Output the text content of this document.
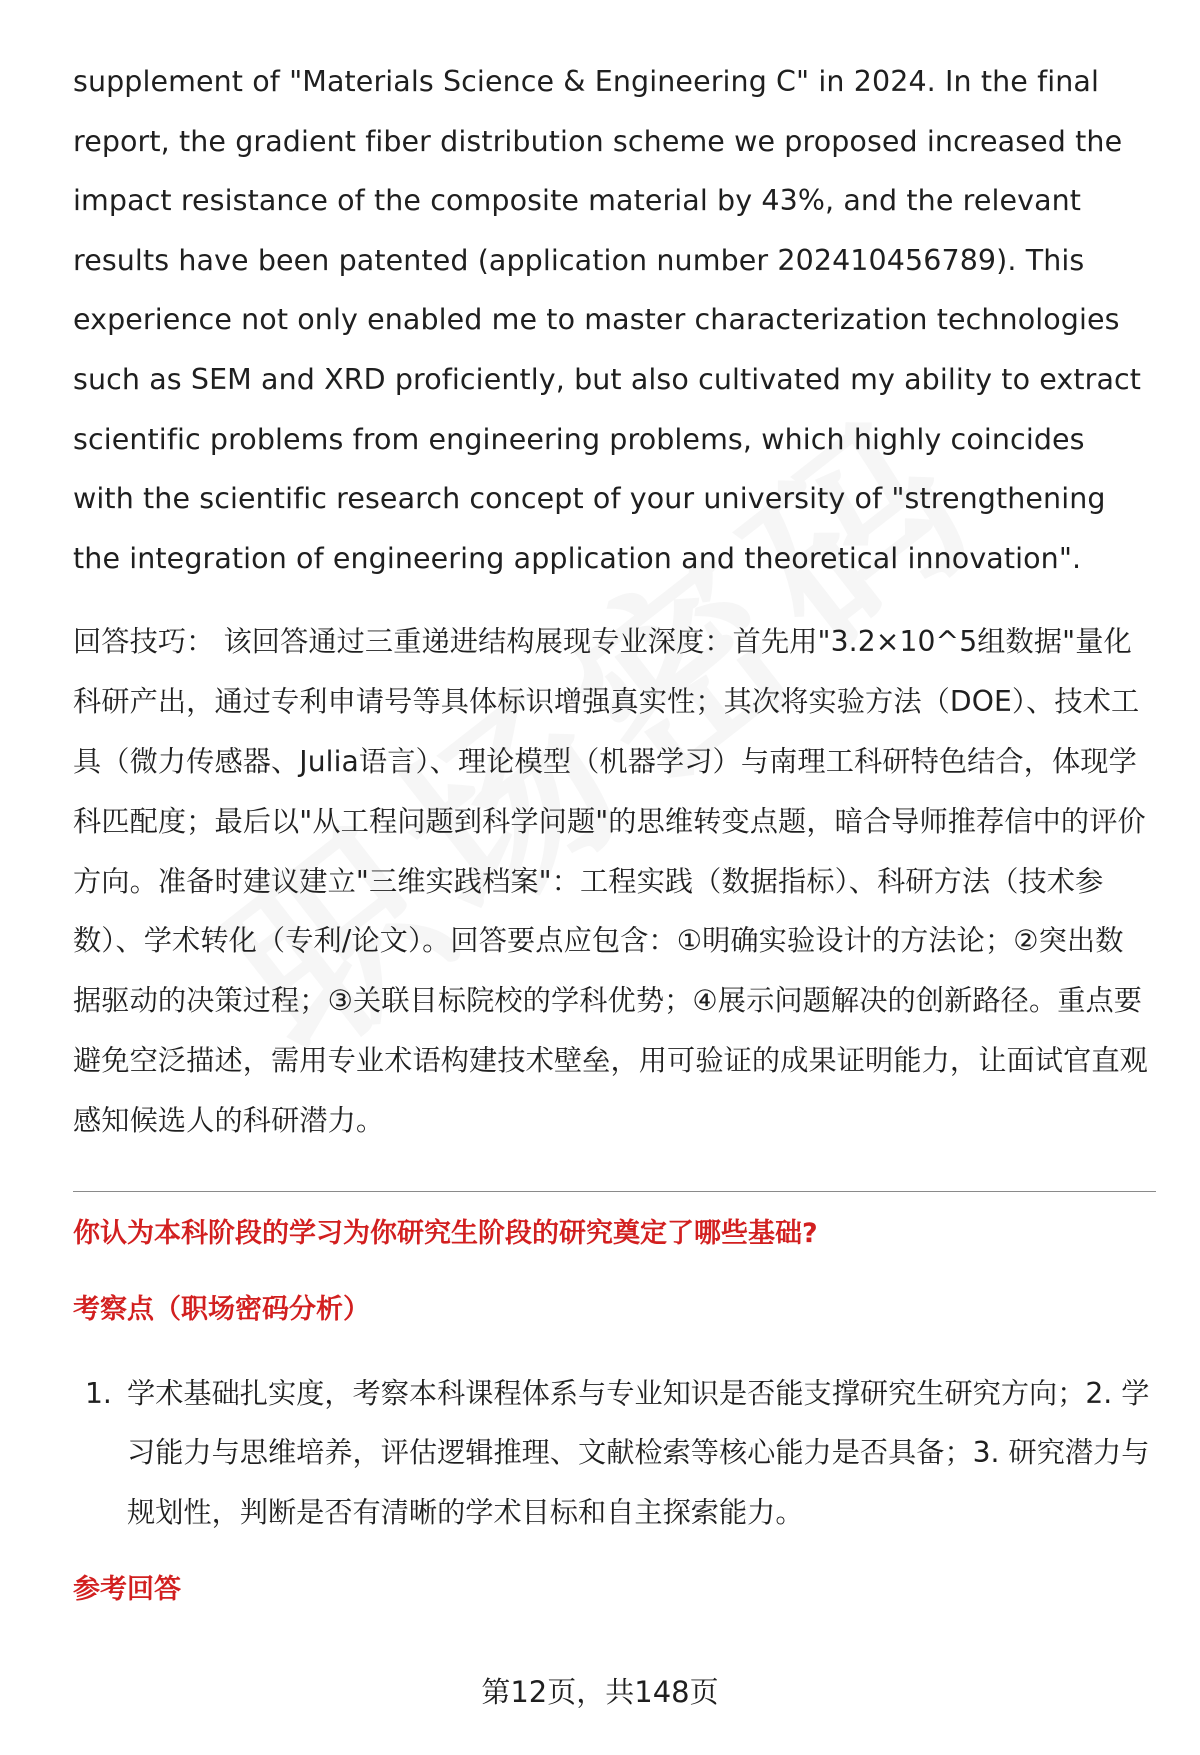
supplement of "Materials Science & Engineering C" in 2024. In the final report, the gradient fiber distribution scheme we proposed increased the impact resistance of the composite material by 43%, and the relevant results have been patented (application number 202410456789). This experience not only enabled me to master characterization technologies such as SEM and XRD proficiently, but also cultivated my ability to extract scientific problems from engineering problems, which highly coincides with the scientific research concept of your university of "strengthening the integration of engineering application and theoretical innovation".

回答技巧： 该回答通过三重递进结构展现专业深度：首先用"3.2×10^5组数据"量化科研产出，通过专利申请号等具体标识增强真实性；其次将实验方法（DOE）、技术工具（微力传感器、Julia语言）、理论模型（机器学习）与南理工科研特色结合，体现学科匹配度；最后以"从工程问题到科学问题"的思维转变点题，暗合导师推荐信中的评价方向。准备时建议建立"三维实践档案"：工程实践（数据指标）、科研方法（技术参数）、学术转化（专利/论文）。回答要点应包含：①明确实验设计的方法论；②突出数据驱动的决策过程；③关联目标院校的学科优势；④展示问题解决的创新路径。重点要避免空泛描述，需用专业术语构建技术壁垒，用可验证的成果证明能力，让面试官直观感知候选人的科研潜力。

你认为本科阶段的学习为你研究生阶段的研究奠定了哪些基础?

考察点（职场密码分析）

1. 学术基础扎实度，考察本科课程体系与专业知识是否能支撑研究生研究方向；2. 学习能力与思维培养，评估逻辑推理、文献检索等核心能力是否具备；3. 研究潜力与规划性，判断是否有清晰的学术目标和自主探索能力。

参考回答

第12页，共148页
